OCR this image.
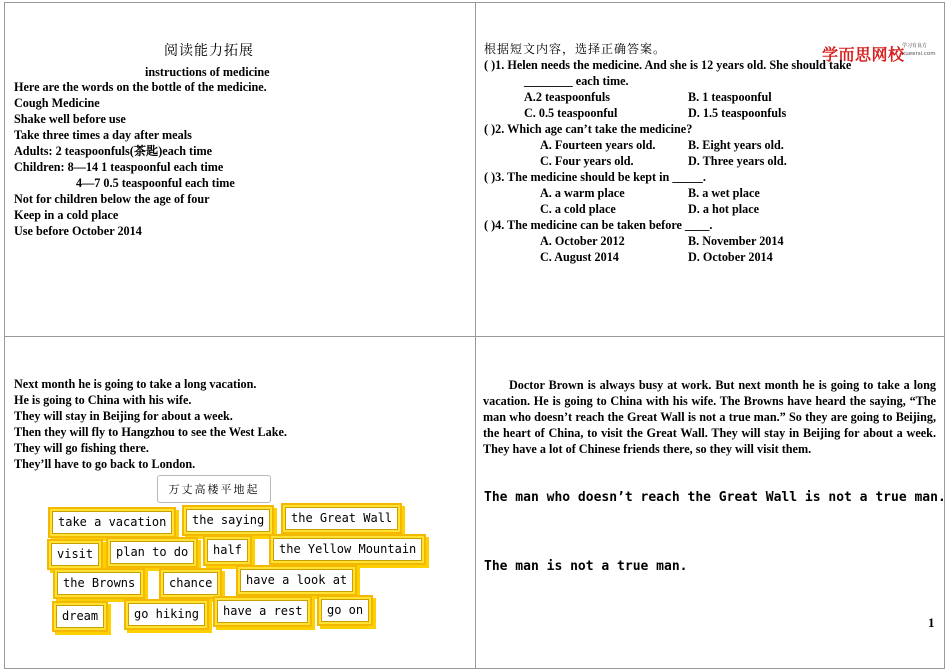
阅读能力拓展
instructions of medicine
Here are the words on the bottle of the medicine.
Cough Medicine
Shake well before use
Take three times a day after meals
Adults: 2 teaspoonfuls(茶匙)each time
Children: 8—14 1 teaspoonful each time
4—7 0.5 teaspoonful each time
Not for children below the age of four
Keep in a cold place
Use before October 2014
根据短文内容，选择正确答案。	学而思网校
学习有良方
xueersi.com
( )1. Helen needs the medicine. And she is 12 years old. She should take
________ each time.
A.2 teaspoonfuls	B. 1 teaspoonful
C. 0.5 teaspoonful	D. 1.5 teaspoonfuls
( )2. Which age can’t take the medicine?
A. Fourteen years old.	B. Eight years old.
C. Four years old.	D. Three years old.
( )3. The medicine should be kept in _____.
A. a warm place	B. a wet place
C. a cold place	D. a hot place
( )4. The medicine can be taken before ____.
A. October 2012	B. November 2014
C. August 2014	D. October 2014
Next month he is going to take a long vacation.
He is going to China with his wife.
They will stay in Beijing for about a week.
Then they will fly to Hangzhou to see the West Lake.
They will go fishing there.
They’ll have to go back to London.
万丈高楼平地起
take a vacation	the saying	the Great Wall
visit	plan to do	half	the Yellow Mountain
the Browns	chance	have a look at
dream	go hiking	have a rest	go on
Doctor Brown is always busy at work. But next month he is going to take a long vacation. He is going to China with his wife. The Browns have heard the saying, “The man who doesn’t reach the Great Wall is not a true man.” So they are going to Beijing, the heart of China, to visit the Great Wall. They will stay in Beijing for about a week. They have a lot of Chinese friends there, so they will visit them.
The man who doesn’t reach the Great Wall is not a true man.
The man is not a true man.
1
